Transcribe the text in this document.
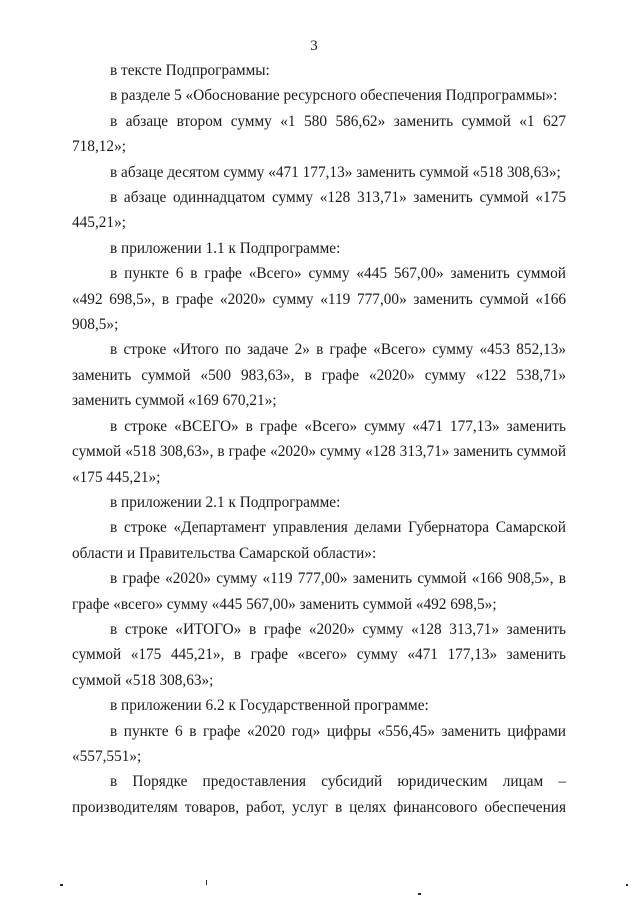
3

в тексте Подпрограммы:

в разделе 5 «Обоснование ресурсного обеспечения Подпрограммы»:

в абзаце втором сумму «1 580 586,62» заменить суммой «1 627 718,12»;

в абзаце десятом сумму «471 177,13» заменить суммой «518 308,63»;

в абзаце одиннадцатом сумму «128 313,71» заменить суммой «175 445,21»;

в приложении 1.1 к Подпрограмме:

в пункте 6 в графе «Всего» сумму «445 567,00» заменить суммой «492 698,5», в графе «2020» сумму «119 777,00» заменить суммой «166 908,5»;

в строке «Итого по задаче 2» в графе «Всего» сумму «453 852,13» заменить суммой «500 983,63», в графе «2020» сумму «122 538,71» заменить суммой «169 670,21»;

в строке «ВСЕГО» в графе «Всего» сумму «471 177,13» заменить суммой «518 308,63», в графе «2020» сумму «128 313,71» заменить суммой «175 445,21»;

в приложении 2.1 к Подпрограмме:

в строке «Департамент управления делами Губернатора Самарской области и Правительства Самарской области»:

в графе «2020» сумму «119 777,00» заменить суммой «166 908,5», в графе «всего» сумму «445 567,00» заменить суммой «492 698,5»;

в строке «ИТОГО» в графе «2020» сумму «128 313,71» заменить суммой «175 445,21», в графе «всего» сумму «471 177,13» заменить суммой «518 308,63»;

в приложении 6.2 к Государственной программе:

в пункте 6 в графе «2020 год» цифры «556,45» заменить цифрами «557,551»;

в Порядке предоставления субсидий юридическим лицам – производителям товаров, работ, услуг в целях финансового обеспечения
